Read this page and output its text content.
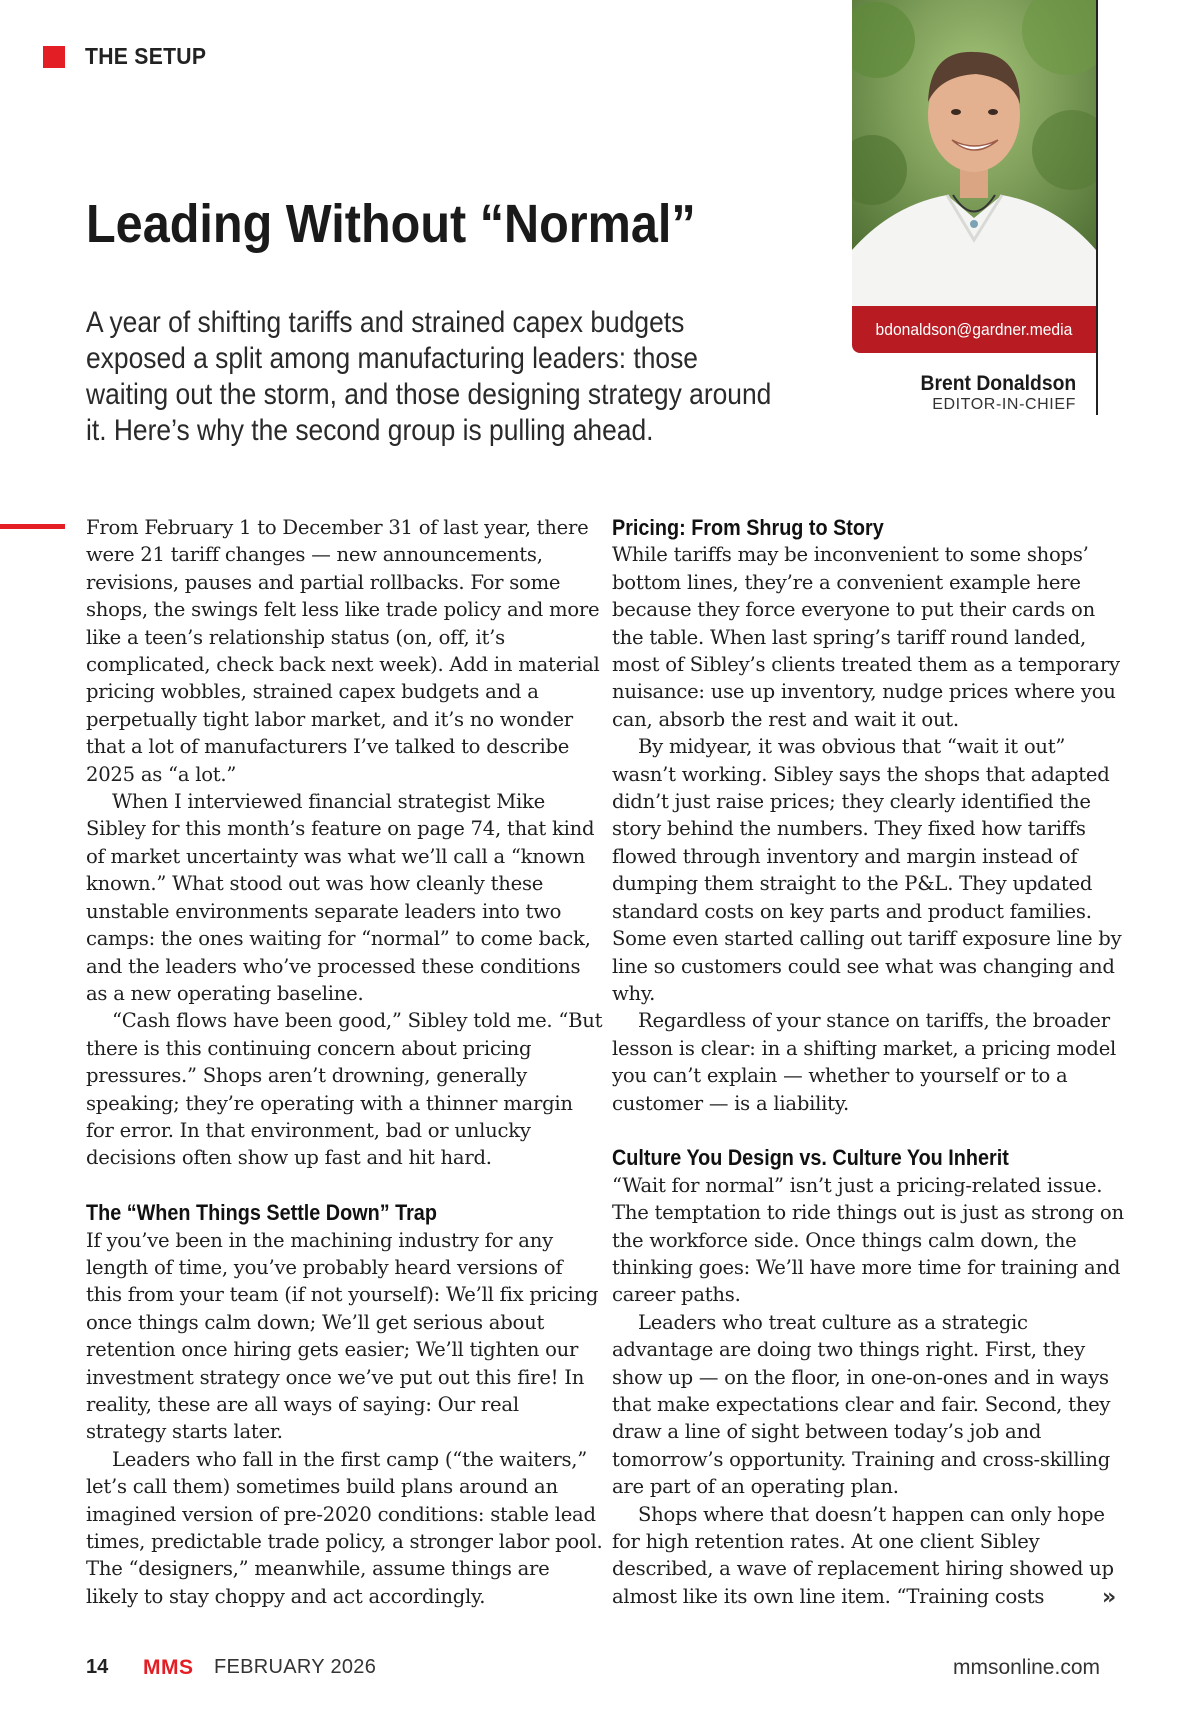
THE SETUP
Leading Without “Normal”

A year of shifting tariffs and strained capex budgets exposed a split among manufacturing leaders: those waiting out the storm, and those designing strategy around it. Here’s why the second group is pulling ahead.

bdonaldson@gardner.media
Brent Donaldson
EDITOR-IN-CHIEF

From February 1 to December 31 of last year, there were 21 tariff changes — new announcements, revisions, pauses and partial rollbacks. For some shops, the swings felt less like trade policy and more like a teen’s relationship status (on, off, it’s complicated, check back next week). Add in material pricing wobbles, strained capex budgets and a perpetually tight labor market, and it’s no wonder that a lot of manufacturers I’ve talked to describe 2025 as “a lot.”

When I interviewed financial strategist Mike Sibley for this month’s feature on page 74, that kind of market uncertainty was what we’ll call a “known known.” What stood out was how cleanly these unstable environments separate leaders into two camps: the ones waiting for “normal” to come back, and the leaders who’ve processed these conditions as a new operating baseline.

“Cash flows have been good,” Sibley told me. “But there is this continuing concern about pricing pressures.” Shops aren’t drowning, generally speaking; they’re operating with a thinner margin for error. In that environment, bad or unlucky decisions often show up fast and hit hard.

The “When Things Settle Down” Trap

If you’ve been in the machining industry for any length of time, you’ve probably heard versions of this from your team (if not yourself): We’ll fix pricing once things calm down; We’ll get serious about retention once hiring gets easier; We’ll tighten our investment strategy once we’ve put out this fire! In reality, these are all ways of saying: Our real strategy starts later.

Leaders who fall in the first camp (“the waiters,” let’s call them) sometimes build plans around an imagined version of pre-2020 conditions: stable lead times, predictable trade policy, a stronger labor pool. The “designers,” meanwhile, assume things are likely to stay choppy and act accordingly.

Pricing: From Shrug to Story

While tariffs may be inconvenient to some shops’ bottom lines, they’re a convenient example here because they force everyone to put their cards on the table. When last spring’s tariff round landed, most of Sibley’s clients treated them as a temporary nuisance: use up inventory, nudge prices where you can, absorb the rest and wait it out.

By midyear, it was obvious that “wait it out” wasn’t working. Sibley says the shops that adapted didn’t just raise prices; they clearly identified the story behind the numbers. They fixed how tariffs flowed through inventory and margin instead of dumping them straight to the P&L. They updated standard costs on key parts and product families. Some even started calling out tariff exposure line by line so customers could see what was changing and why.

Regardless of your stance on tariffs, the broader lesson is clear: in a shifting market, a pricing model you can’t explain — whether to yourself or to a customer — is a liability.

Culture You Design vs. Culture You Inherit

“Wait for normal” isn’t just a pricing-related issue. The temptation to ride things out is just as strong on the workforce side. Once things calm down, the thinking goes: We’ll have more time for training and career paths.

Leaders who treat culture as a strategic advantage are doing two things right. First, they show up — on the floor, in one-on-ones and in ways that make expectations clear and fair. Second, they draw a line of sight between today’s job and tomorrow’s opportunity. Training and cross-skilling are part of an operating plan.

Shops where that doesn’t happen can only hope for high retention rates. At one client Sibley described, a wave of replacement hiring showed up almost like its own line item. “Training costs	»
14 MMS FEBRUARY 2026	mmsonline.com
